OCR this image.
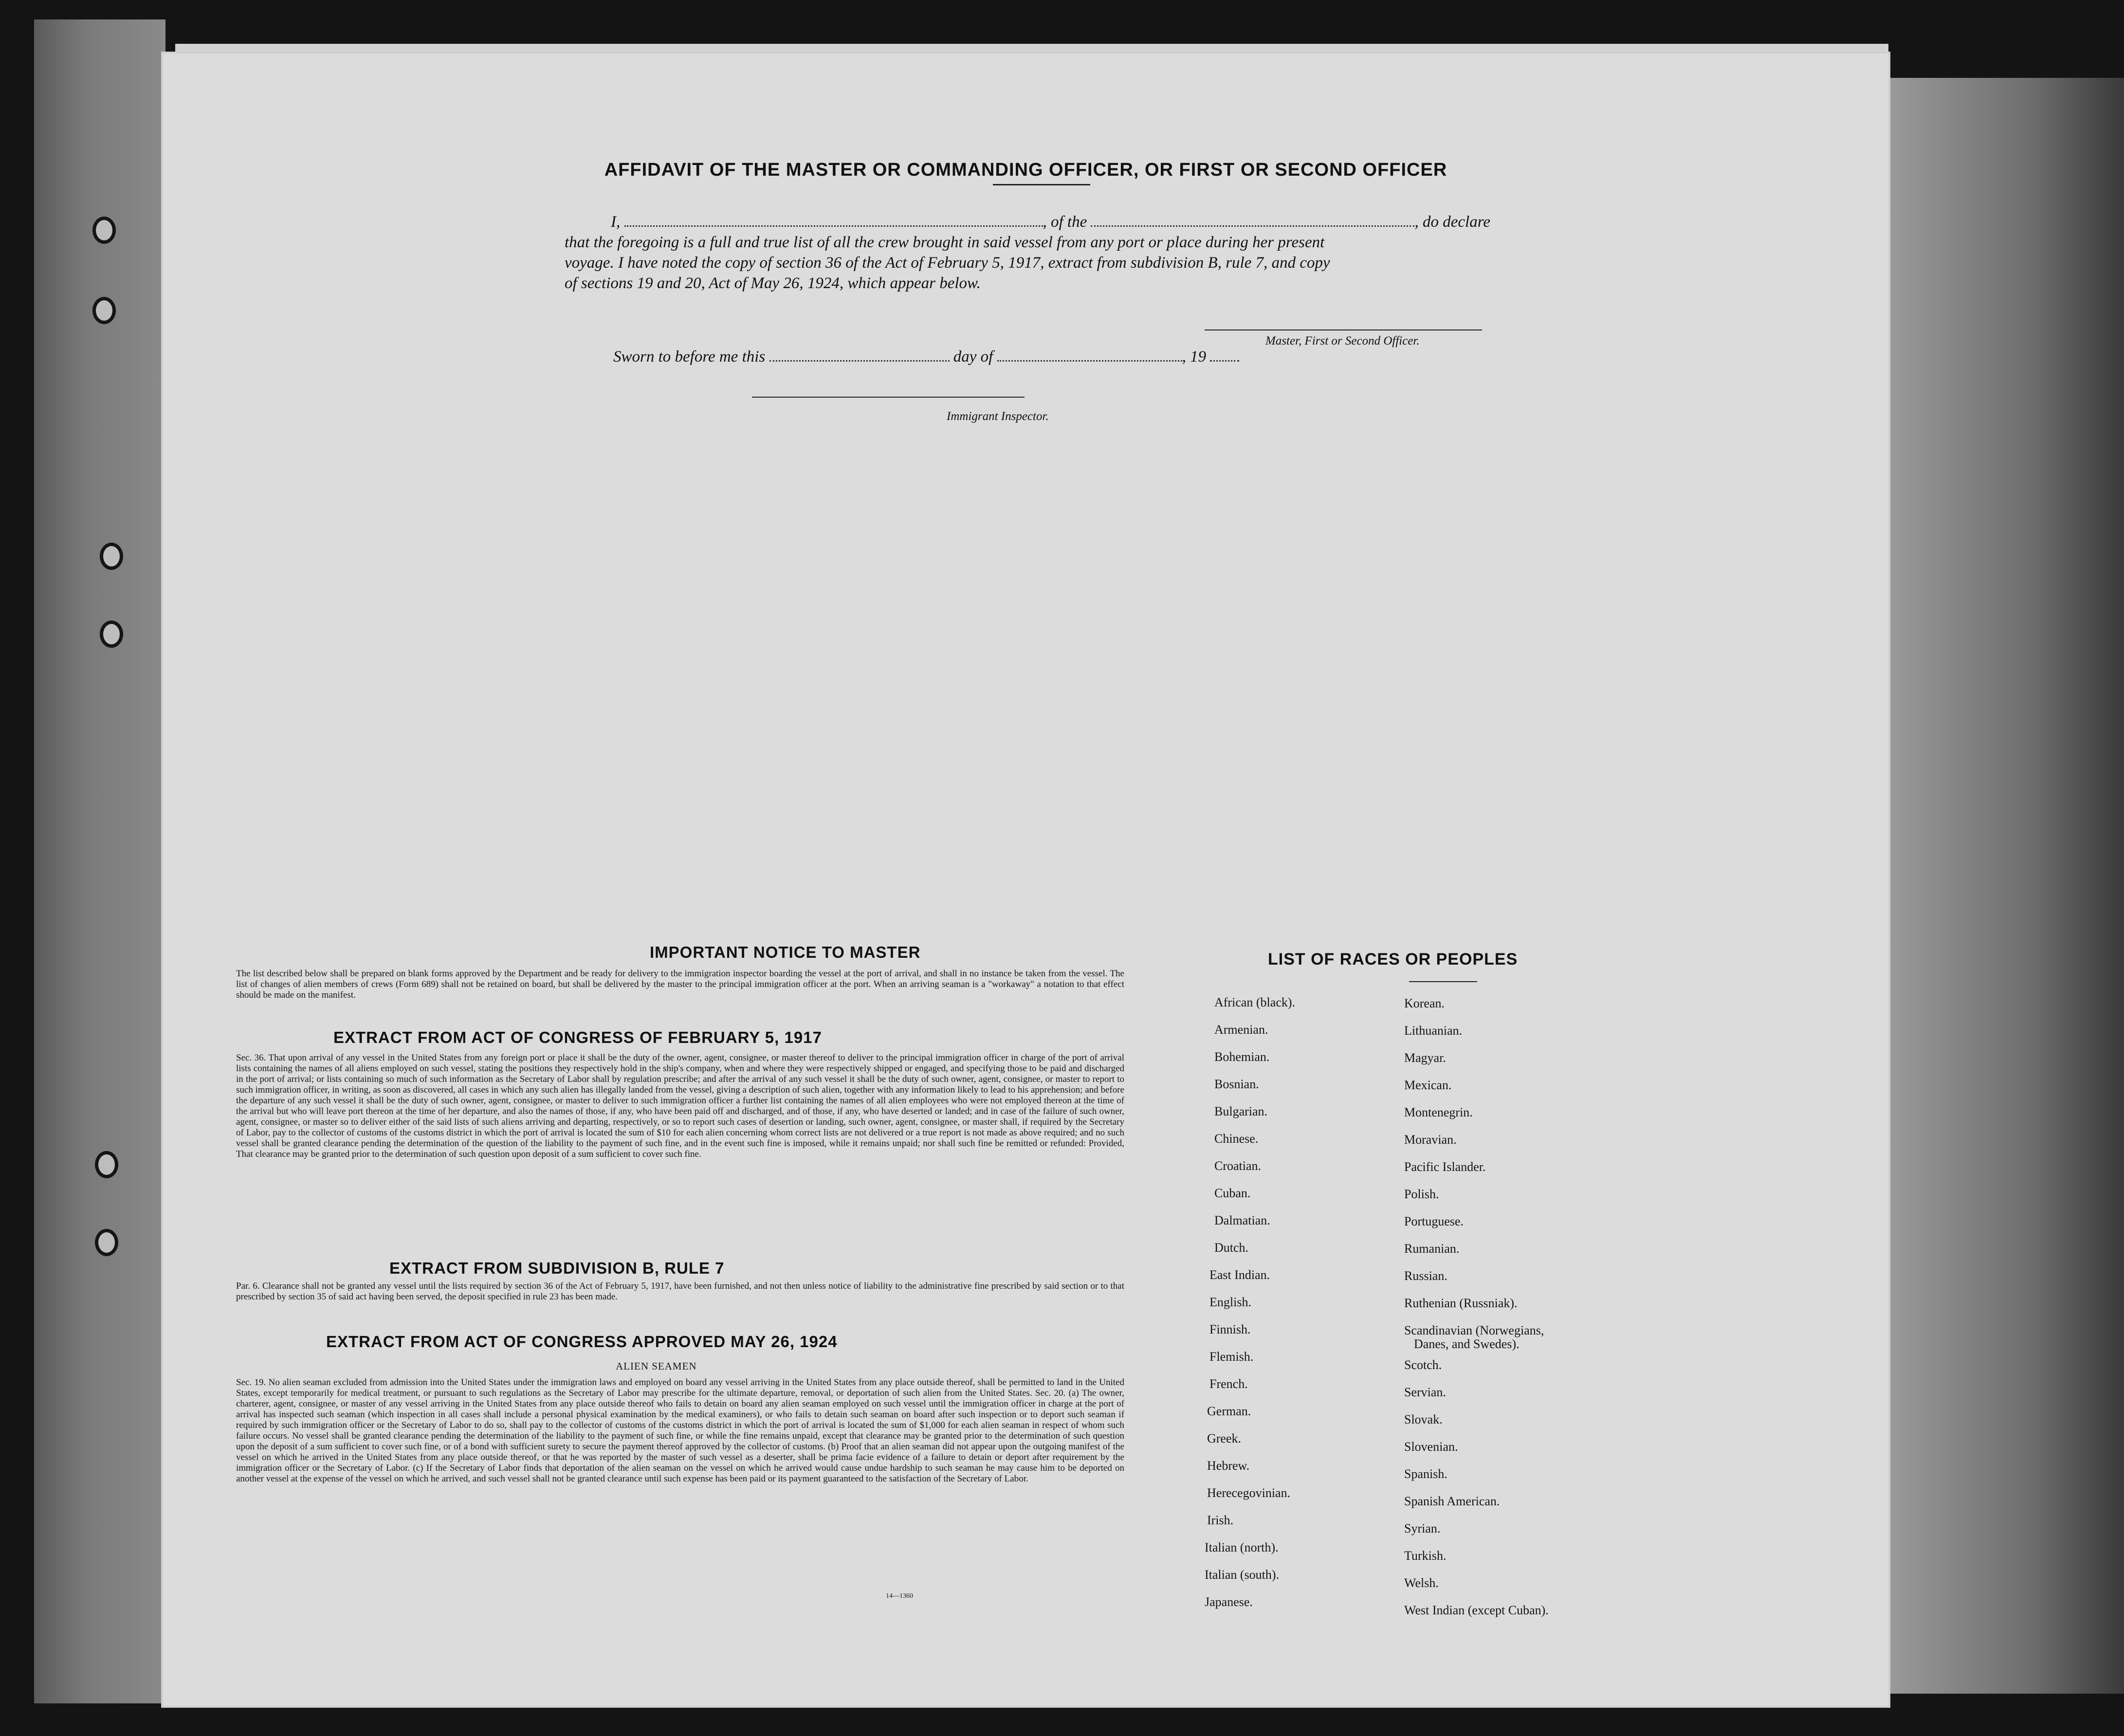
AFFIDAVIT OF THE MASTER OR COMMANDING OFFICER, OR FIRST OR SECOND OFFICER
I,	, of the	, do declare
that the foregoing is a full and true list of all the crew brought in said vessel from any port or place during her present
voyage. I have noted the copy of section 36 of the Act of February 5, 1917, extract from subdivision B, rule 7, and copy
of sections 19 and 20, Act of May 26, 1924, which appear below.
Master, First or Second Officer.
Sworn to before me this	day of	, 19
Immigrant Inspector.
IMPORTANT NOTICE TO MASTER
The list described below shall be prepared on blank forms approved by the Department and be ready for delivery to the immigration inspector boarding the vessel at the port of arrival, and shall in no instance be taken from the vessel. The list of changes of alien members of crews (Form 689) shall not be retained on board, but shall be delivered by the master to the principal immigration officer at the port. When an arriving seaman is a "workaway" a notation to that effect should be made on the manifest.
EXTRACT FROM ACT OF CONGRESS OF FEBRUARY 5, 1917
Sec. 36. That upon arrival of any vessel in the United States from any foreign port or place it shall be the duty of the owner, agent, consignee, or master thereof to deliver to the principal immigration officer in charge of the port of arrival lists containing the names of all aliens employed on such vessel, stating the positions they respectively hold in the ship's company, when and where they were respectively shipped or engaged, and specifying those to be paid and discharged in the port of arrival; or lists containing so much of such information as the Secretary of Labor shall by regulation prescribe; and after the arrival of any such vessel it shall be the duty of such owner, agent, consignee, or master to report to such immigration officer, in writing, as soon as discovered, all cases in which any such alien has illegally landed from the vessel, giving a description of such alien, together with any information likely to lead to his apprehension; and before the departure of any such vessel it shall be the duty of such owner, agent, consignee, or master to deliver to such immigration officer a further list containing the names of all alien employees who were not employed thereon at the time of the arrival but who will leave port thereon at the time of her departure, and also the names of those, if any, who have been paid off and discharged, and of those, if any, who have deserted or landed; and in case of the failure of such owner, agent, consignee, or master so to deliver either of the said lists of such aliens arriving and departing, respectively, or so to report such cases of desertion or landing, such owner, agent, consignee, or master shall, if required by the Secretary of Labor, pay to the collector of customs of the customs district in which the port of arrival is located the sum of $10 for each alien concerning whom correct lists are not delivered or a true report is not made as above required; and no such vessel shall be granted clearance pending the determination of the question of the liability to the payment of such fine, and in the event such fine is imposed, while it remains unpaid; nor shall such fine be remitted or refunded: Provided, That clearance may be granted prior to the determination of such question upon deposit of a sum sufficient to cover such fine.
EXTRACT FROM SUBDIVISION B, RULE 7
Par. 6. Clearance shall not be granted any vessel until the lists required by section 36 of the Act of February 5, 1917, have been furnished, and not then unless notice of liability to the administrative fine prescribed by said section or to that prescribed by section 35 of said act having been served, the deposit specified in rule 23 has been made.
EXTRACT FROM ACT OF CONGRESS APPROVED MAY 26, 1924
ALIEN SEAMEN
Sec. 19. No alien seaman excluded from admission into the United States under the immigration laws and employed on board any vessel arriving in the United States from any place outside thereof, shall be permitted to land in the United States, except temporarily for medical treatment, or pursuant to such regulations as the Secretary of Labor may prescribe for the ultimate departure, removal, or deportation of such alien from the United States. Sec. 20. (a) The owner, charterer, agent, consignee, or master of any vessel arriving in the United States from any place outside thereof who fails to detain on board any alien seaman employed on such vessel until the immigration officer in charge at the port of arrival has inspected such seaman (which inspection in all cases shall include a personal physical examination by the medical examiners), or who fails to detain such seaman on board after such inspection or to deport such seaman if required by such immigration officer or the Secretary of Labor to do so, shall pay to the collector of customs of the customs district in which the port of arrival is located the sum of $1,000 for each alien seaman in respect of whom such failure occurs. No vessel shall be granted clearance pending the determination of the liability to the payment of such fine, or while the fine remains unpaid, except that clearance may be granted prior to the determination of such question upon the deposit of a sum sufficient to cover such fine, or of a bond with sufficient surety to secure the payment thereof approved by the collector of customs. (b) Proof that an alien seaman did not appear upon the outgoing manifest of the vessel on which he arrived in the United States from any place outside thereof, or that he was reported by the master of such vessel as a deserter, shall be prima facie evidence of a failure to detain or deport after requirement by the immigration officer or the Secretary of Labor. (c) If the Secretary of Labor finds that deportation of the alien seaman on the vessel on which he arrived would cause undue hardship to such seaman he may cause him to be deported on another vessel at the expense of the vessel on which he arrived, and such vessel shall not be granted clearance until such expense has been paid or its payment guaranteed to the satisfaction of the Secretary of Labor.
14—1360
LIST OF RACES OR PEOPLES
African (black).
Armenian.
Bohemian.
Bosnian.
Bulgarian.
Chinese.
Croatian.
Cuban.
Dalmatian.
Dutch.
East Indian.
English.
Finnish.
Flemish.
French.
German.
Greek.
Hebrew.
Herecegovinian.
Irish.
Italian (north).
Italian (south).
Japanese.
Korean.
Lithuanian.
Magyar.
Mexican.
Montenegrin.
Moravian.
Pacific Islander.
Polish.
Portuguese.
Rumanian.
Russian.
Ruthenian (Russniak).
Scandinavian (Norwegians,
Danes, and Swedes).
Scotch.
Servian.
Slovak.
Slovenian.
Spanish.
Spanish American.
Syrian.
Turkish.
Welsh.
West Indian (except Cuban).
